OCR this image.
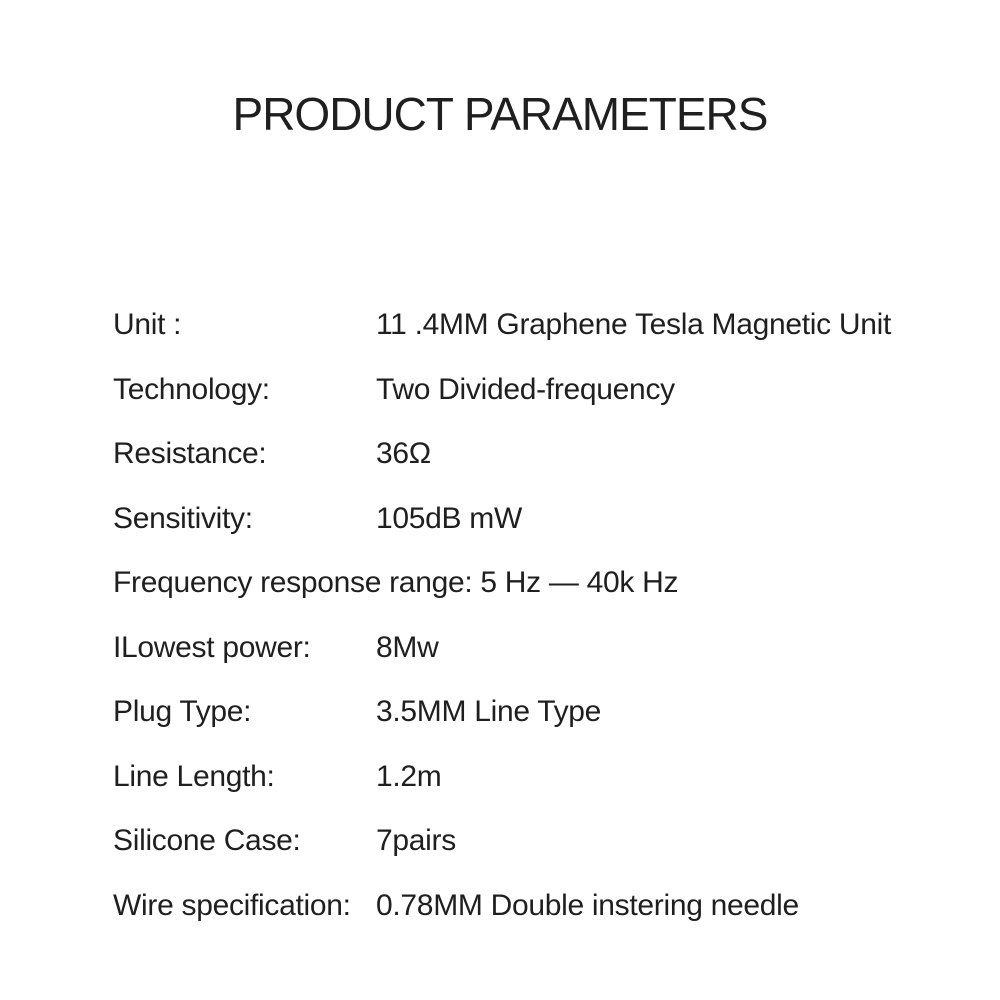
PRODUCT PARAMETERS
Unit :	11 .4MM Graphene Tesla Magnetic Unit
Technology:	Two Divided-frequency
Resistance:	36Ω
Sensitivity:	105dB mW
Frequency response range: 5 Hz — 40k Hz
ILowest power:	8Mw
Plug Type:	3.5MM Line Type
Line Length:	1.2m
Silicone Case:	7pairs
Wire specification: 0.78MM Double instering needle
